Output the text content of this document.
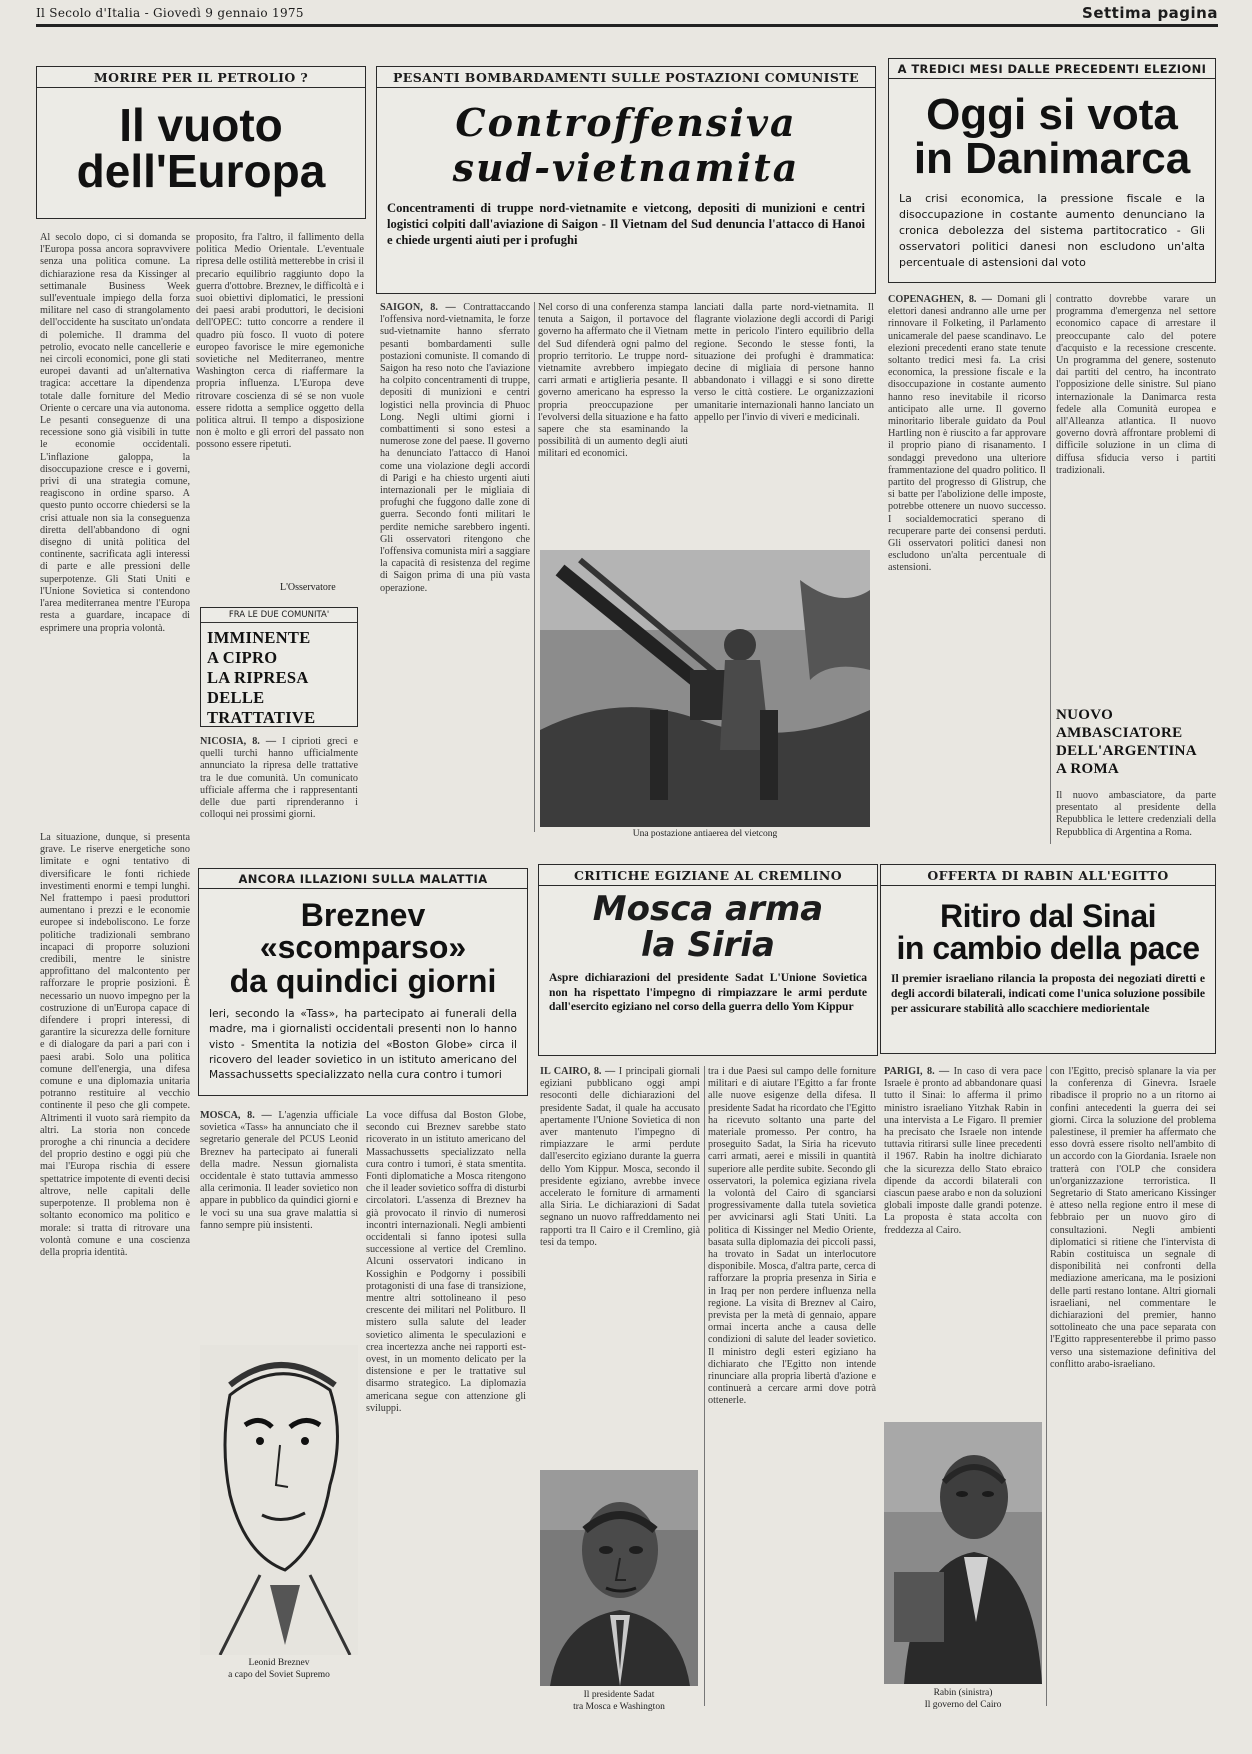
Il Secolo d'Italia - Giovedì 9 gennaio 1975	Settima pagina
MORIRE PER IL PETROLIO ?
Il vuoto
dell'Europa
Al secolo dopo, ci si domanda se l'Europa possa ancora sopravvivere senza una politica comune. La dichiarazione resa da Kissinger al settimanale Business Week sull'eventuale impiego della forza militare nel caso di strangolamento dell'occidente ha suscitato un'ondata di polemiche. Il dramma del petrolio, evocato nelle cancellerie e nei circoli economici, pone gli stati europei davanti ad un'alternativa tragica: accettare la dipendenza totale dalle forniture del Medio Oriente o cercare una via autonoma. Le pesanti conseguenze di una recessione sono già visibili in tutte le economie occidentali. L'inflazione galoppa, la disoccupazione cresce e i governi, privi di una strategia comune, reagiscono in ordine sparso. A questo punto occorre chiedersi se la crisi attuale non sia la conseguenza diretta dell'abbandono di ogni disegno di unità politica del continente, sacrificata agli interessi di parte e alle pressioni delle superpotenze. Gli Stati Uniti e l'Unione Sovietica si contendono l'area mediterranea mentre l'Europa resta a guardare, incapace di esprimere una propria volontà.
proposito, fra l'altro, il fallimento della politica Medio Orientale. L'eventuale ripresa delle ostilità metterebbe in crisi il precario equilibrio raggiunto dopo la guerra d'ottobre. Breznev, le difficoltà e i suoi obiettivi diplomatici, le pressioni dei paesi arabi produttori, le decisioni dell'OPEC: tutto concorre a rendere il quadro più fosco. Il vuoto di potere europeo favorisce le mire egemoniche sovietiche nel Mediterraneo, mentre Washington cerca di riaffermare la propria influenza. L'Europa deve ritrovare coscienza di sé se non vuole essere ridotta a semplice oggetto della politica altrui. Il tempo a disposizione non è molto e gli errori del passato non possono essere ripetuti.
L'Osservatore
La situazione, dunque, si presenta grave. Le riserve energetiche sono limitate e ogni tentativo di diversificare le fonti richiede investimenti enormi e tempi lunghi. Nel frattempo i paesi produttori aumentano i prezzi e le economie europee si indeboliscono. Le forze politiche tradizionali sembrano incapaci di proporre soluzioni credibili, mentre le sinistre approfittano del malcontento per rafforzare le proprie posizioni. È necessario un nuovo impegno per la costruzione di un'Europa capace di difendere i propri interessi, di garantire la sicurezza delle forniture e di dialogare da pari a pari con i paesi arabi. Solo una politica comune dell'energia, una difesa comune e una diplomazia unitaria potranno restituire al vecchio continente il peso che gli compete. Altrimenti il vuoto sarà riempito da altri. La storia non concede proroghe a chi rinuncia a decidere del proprio destino e oggi più che mai l'Europa rischia di essere spettatrice impotente di eventi decisi altrove, nelle capitali delle superpotenze. Il problema non è soltanto economico ma politico e morale: si tratta di ritrovare una volontà comune e una coscienza della propria identità.
FRA LE DUE COMUNITA'
IMMINENTE
A CIPRO
LA RIPRESA
DELLE TRATTATIVE
NICOSIA, 8. — I ciprioti greci e quelli turchi hanno ufficialmente annunciato la ripresa delle trattative tra le due comunità. Un comunicato ufficiale afferma che i rappresentanti delle due parti riprenderanno i colloqui nei prossimi giorni.
PESANTI BOMBARDAMENTI SULLE POSTAZIONI COMUNISTE
Controffensiva
sud-vietnamita
Concentramenti di truppe nord-vietnamite e vietcong, depositi di munizioni e centri logistici colpiti dall'aviazione di Saigon - Il Vietnam del Sud denuncia l'attacco di Hanoi e chiede urgenti aiuti per i profughi
SAIGON, 8. — Contrattaccando l'offensiva nord-vietnamita, le forze sud-vietnamite hanno sferrato pesanti bombardamenti sulle postazioni comuniste. Il comando di Saigon ha reso noto che l'aviazione ha colpito concentramenti di truppe, depositi di munizioni e centri logistici nella provincia di Phuoc Long. Negli ultimi giorni i combattimenti si sono estesi a numerose zone del paese. Il governo ha denunciato l'attacco di Hanoi come una violazione degli accordi di Parigi e ha chiesto urgenti aiuti internazionali per le migliaia di profughi che fuggono dalle zone di guerra. Secondo fonti militari le perdite nemiche sarebbero ingenti. Gli osservatori ritengono che l'offensiva comunista miri a saggiare la capacità di resistenza del regime di Saigon prima di una più vasta operazione.
Nel corso di una conferenza stampa tenuta a Saigon, il portavoce del governo ha affermato che il Vietnam del Sud difenderà ogni palmo del proprio territorio. Le truppe nord-vietnamite avrebbero impiegato carri armati e artiglieria pesante. Il governo americano ha espresso la propria preoccupazione per l'evolversi della situazione e ha fatto sapere che sta esaminando la possibilità di un aumento degli aiuti militari ed economici.
lanciati dalla parte nord-vietnamita. Il flagrante violazione degli accordi di Parigi mette in pericolo l'intero equilibrio della regione. Secondo le stesse fonti, la situazione dei profughi è drammatica: decine di migliaia di persone hanno abbandonato i villaggi e si sono dirette verso le città costiere. Le organizzazioni umanitarie internazionali hanno lanciato un appello per l'invio di viveri e medicinali.
Una postazione antiaerea del vietcong
A TREDICI MESI DALLE PRECEDENTI ELEZIONI
Oggi si vota
in Danimarca
La crisi economica, la pressione fiscale e la disoccupazione in costante aumento denunciano la cronica debolezza del sistema partitocratico - Gli osservatori politici danesi non escludono un'alta percentuale di astensioni dal voto
COPENAGHEN, 8. — Domani gli elettori danesi andranno alle urne per rinnovare il Folketing, il Parlamento unicamerale del paese scandinavo. Le elezioni precedenti erano state tenute soltanto tredici mesi fa. La crisi economica, la pressione fiscale e la disoccupazione in costante aumento hanno reso inevitabile il ricorso anticipato alle urne. Il governo minoritario liberale guidato da Poul Hartling non è riuscito a far approvare il proprio piano di risanamento. I sondaggi prevedono una ulteriore frammentazione del quadro politico. Il partito del progresso di Glistrup, che si batte per l'abolizione delle imposte, potrebbe ottenere un nuovo successo. I socialdemocratici sperano di recuperare parte dei consensi perduti. Gli osservatori politici danesi non escludono un'alta percentuale di astensioni.
contratto dovrebbe varare un programma d'emergenza nel settore economico capace di arrestare il preoccupante calo del potere d'acquisto e la recessione crescente. Un programma del genere, sostenuto dai partiti del centro, ha incontrato l'opposizione delle sinistre. Sul piano internazionale la Danimarca resta fedele alla Comunità europea e all'Alleanza atlantica. Il nuovo governo dovrà affrontare problemi di difficile soluzione in un clima di diffusa sfiducia verso i partiti tradizionali.
NUOVO
AMBASCIATORE
DELL'ARGENTINA
A ROMA
Il nuovo ambasciatore, da parte presentato al presidente della Repubblica le lettere credenziali della Repubblica di Argentina a Roma.
ANCORA ILLAZIONI SULLA MALATTIA
Breznev «scomparso»
da quindici giorni
Ieri, secondo la «Tass», ha partecipato ai funerali della madre, ma i giornalisti occidentali presenti non lo hanno visto - Smentita la notizia del «Boston Globe» circa il ricovero del leader sovietico in un istituto americano del Massachussetts specializzato nella cura contro i tumori
MOSCA, 8. — L'agenzia ufficiale sovietica «Tass» ha annunciato che il segretario generale del PCUS Leonid Breznev ha partecipato ai funerali della madre. Nessun giornalista occidentale è stato tuttavia ammesso alla cerimonia. Il leader sovietico non appare in pubblico da quindici giorni e le voci su una sua grave malattia si fanno sempre più insistenti.
La voce diffusa dal Boston Globe, secondo cui Breznev sarebbe stato ricoverato in un istituto americano del Massachussetts specializzato nella cura contro i tumori, è stata smentita. Fonti diplomatiche a Mosca ritengono che il leader sovietico soffra di disturbi circolatori. L'assenza di Breznev ha già provocato il rinvio di numerosi incontri internazionali. Negli ambienti occidentali si fanno ipotesi sulla successione al vertice del Cremlino. Alcuni osservatori indicano in Kossighin e Podgorny i possibili protagonisti di una fase di transizione, mentre altri sottolineano il peso crescente dei militari nel Politburo. Il mistero sulla salute del leader sovietico alimenta le speculazioni e crea incertezza anche nei rapporti est-ovest, in un momento delicato per la distensione e per le trattative sul disarmo strategico. La diplomazia americana segue con attenzione gli sviluppi.
Leonid Breznev
a capo del Soviet Supremo
CRITICHE EGIZIANE AL CREMLINO
Mosca arma
la Siria
Aspre dichiarazioni del presidente Sadat L'Unione Sovietica non ha rispettato l'impegno di rimpiazzare le armi perdute dall'esercito egiziano nel corso della guerra dello Yom Kippur
IL CAIRO, 8. — I principali giornali egiziani pubblicano oggi ampi resoconti delle dichiarazioni del presidente Sadat, il quale ha accusato apertamente l'Unione Sovietica di non aver mantenuto l'impegno di rimpiazzare le armi perdute dall'esercito egiziano durante la guerra dello Yom Kippur. Mosca, secondo il presidente egiziano, avrebbe invece accelerato le forniture di armamenti alla Siria. Le dichiarazioni di Sadat segnano un nuovo raffreddamento nei rapporti tra Il Cairo e il Cremlino, già tesi da tempo.
tra i due Paesi sul campo delle forniture militari e di aiutare l'Egitto a far fronte alle nuove esigenze della difesa. Il presidente Sadat ha ricordato che l'Egitto ha ricevuto soltanto una parte del materiale promesso. Per contro, ha proseguito Sadat, la Siria ha ricevuto carri armati, aerei e missili in quantità superiore alle perdite subite. Secondo gli osservatori, la polemica egiziana rivela la volontà del Cairo di sganciarsi progressivamente dalla tutela sovietica per avvicinarsi agli Stati Uniti. La politica di Kissinger nel Medio Oriente, basata sulla diplomazia dei piccoli passi, ha trovato in Sadat un interlocutore disponibile. Mosca, d'altra parte, cerca di rafforzare la propria presenza in Siria e in Iraq per non perdere influenza nella regione. La visita di Breznev al Cairo, prevista per la metà di gennaio, appare ormai incerta anche a causa delle condizioni di salute del leader sovietico. Il ministro degli esteri egiziano ha dichiarato che l'Egitto non intende rinunciare alla propria libertà d'azione e continuerà a cercare armi dove potrà ottenerle.
Il presidente Sadat
tra Mosca e Washington
OFFERTA DI RABIN ALL'EGITTO
Ritiro dal Sinai
in cambio della pace
Il premier israeliano rilancia la proposta dei negoziati diretti e degli accordi bilaterali, indicati come l'unica soluzione possibile per assicurare stabilità allo scacchiere mediorientale
PARIGI, 8. — In caso di vera pace Israele è pronto ad abbandonare quasi tutto il Sinai: lo afferma il primo ministro israeliano Yitzhak Rabin in una intervista a Le Figaro. Il premier ha precisato che Israele non intende tuttavia ritirarsi sulle linee precedenti il 1967. Rabin ha inoltre dichiarato che la sicurezza dello Stato ebraico dipende da accordi bilaterali con ciascun paese arabo e non da soluzioni globali imposte dalle grandi potenze. La proposta è stata accolta con freddezza al Cairo.
con l'Egitto, precisò splanare la via per la conferenza di Ginevra. Israele ribadisce il proprio no a un ritorno ai confini antecedenti la guerra dei sei giorni. Circa la soluzione del problema palestinese, il premier ha affermato che esso dovrà essere risolto nell'ambito di un accordo con la Giordania. Israele non tratterà con l'OLP che considera un'organizzazione terroristica. Il Segretario di Stato americano Kissinger è atteso nella regione entro il mese di febbraio per un nuovo giro di consultazioni. Negli ambienti diplomatici si ritiene che l'intervista di Rabin costituisca un segnale di disponibilità nei confronti della mediazione americana, ma le posizioni delle parti restano lontane. Altri giornali israeliani, nel commentare le dichiarazioni del premier, hanno sottolineato che una pace separata con l'Egitto rappresenterebbe il primo passo verso una sistemazione definitiva del conflitto arabo-israeliano.
Rabin (sinistra)
Il governo del Cairo
